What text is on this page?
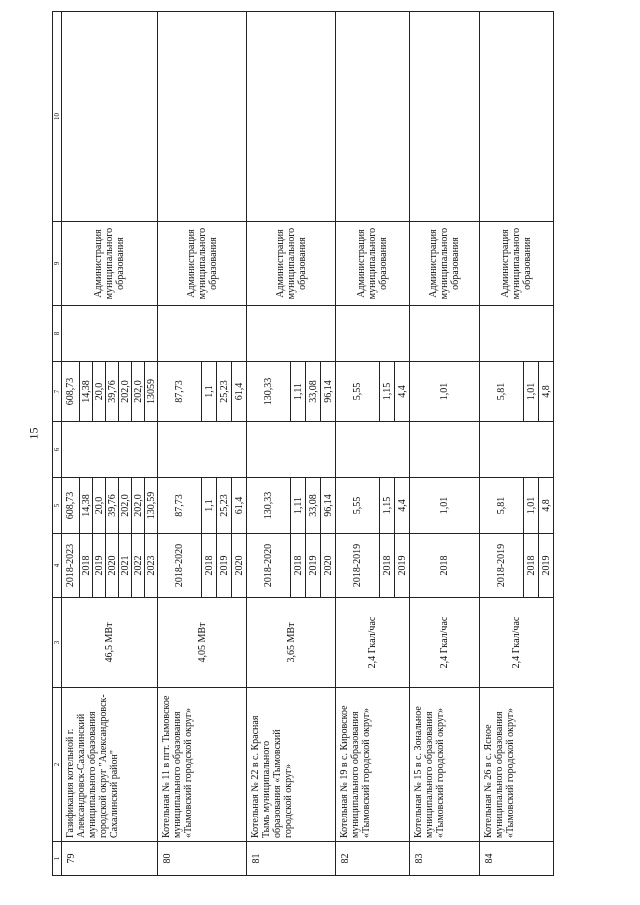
15
1	2	3	4	5	6	7	8	9	10
79	Газификация котельной г. Александровск-Сахалинский муниципального образования городской округ "Александровск-Сахалинский район"	46,5 МВт	2018-2023	608,73		608,73		Администрация муниципального образования	
			2018	14,38		14,38			
			2019	20,0		20,0			
			2020	39,76		39,76			
			2021	202,0		202,0			
			2022	202,0		202,0			
			2023	130,59		13059			
80	Котельная № 11 в пгт. Тымовское муниципального образования «Тымовский городской округ»	4,05 МВт	2018-2020	87,73		87,73		Администрация муниципального образования	
			2018	1,1		1,1			
			2019	25,23		25,23			
			2020	61,4		61,4			
81	Котельная № 22 в с. Красная Тымь муниципального образования «Тымовский городской округ»	3,65 МВт	2018-2020	130,33		130,33		Администрация муниципального образования	
			2018	1,11		1,11			
			2019	33,08		33,08			
			2020	96,14		96,14			
82	Котельная № 19 в с. Кировское муниципального образования «Тымовский городской округ»	2,4 Гкал/час	2018-2019	5,55		5,55		Администрация муниципального образования	
			2018	1,15		1,15			
			2019	4,4		4,4			
83	Котельная № 15 в с. Зональное муниципального образования «Тымовский городской округ»	2,4 Гкал/час	2018	1,01		1,01		Администрация муниципального образования	
84	Котельная № 26 в с. Ясное муниципального образования «Тымовский городской округ»	2,4 Гкал/час	2018-2019	5,81		5,81		Администрация муниципального образования	
			2018	1,01		1,01			
			2019	4,8		4,8			
